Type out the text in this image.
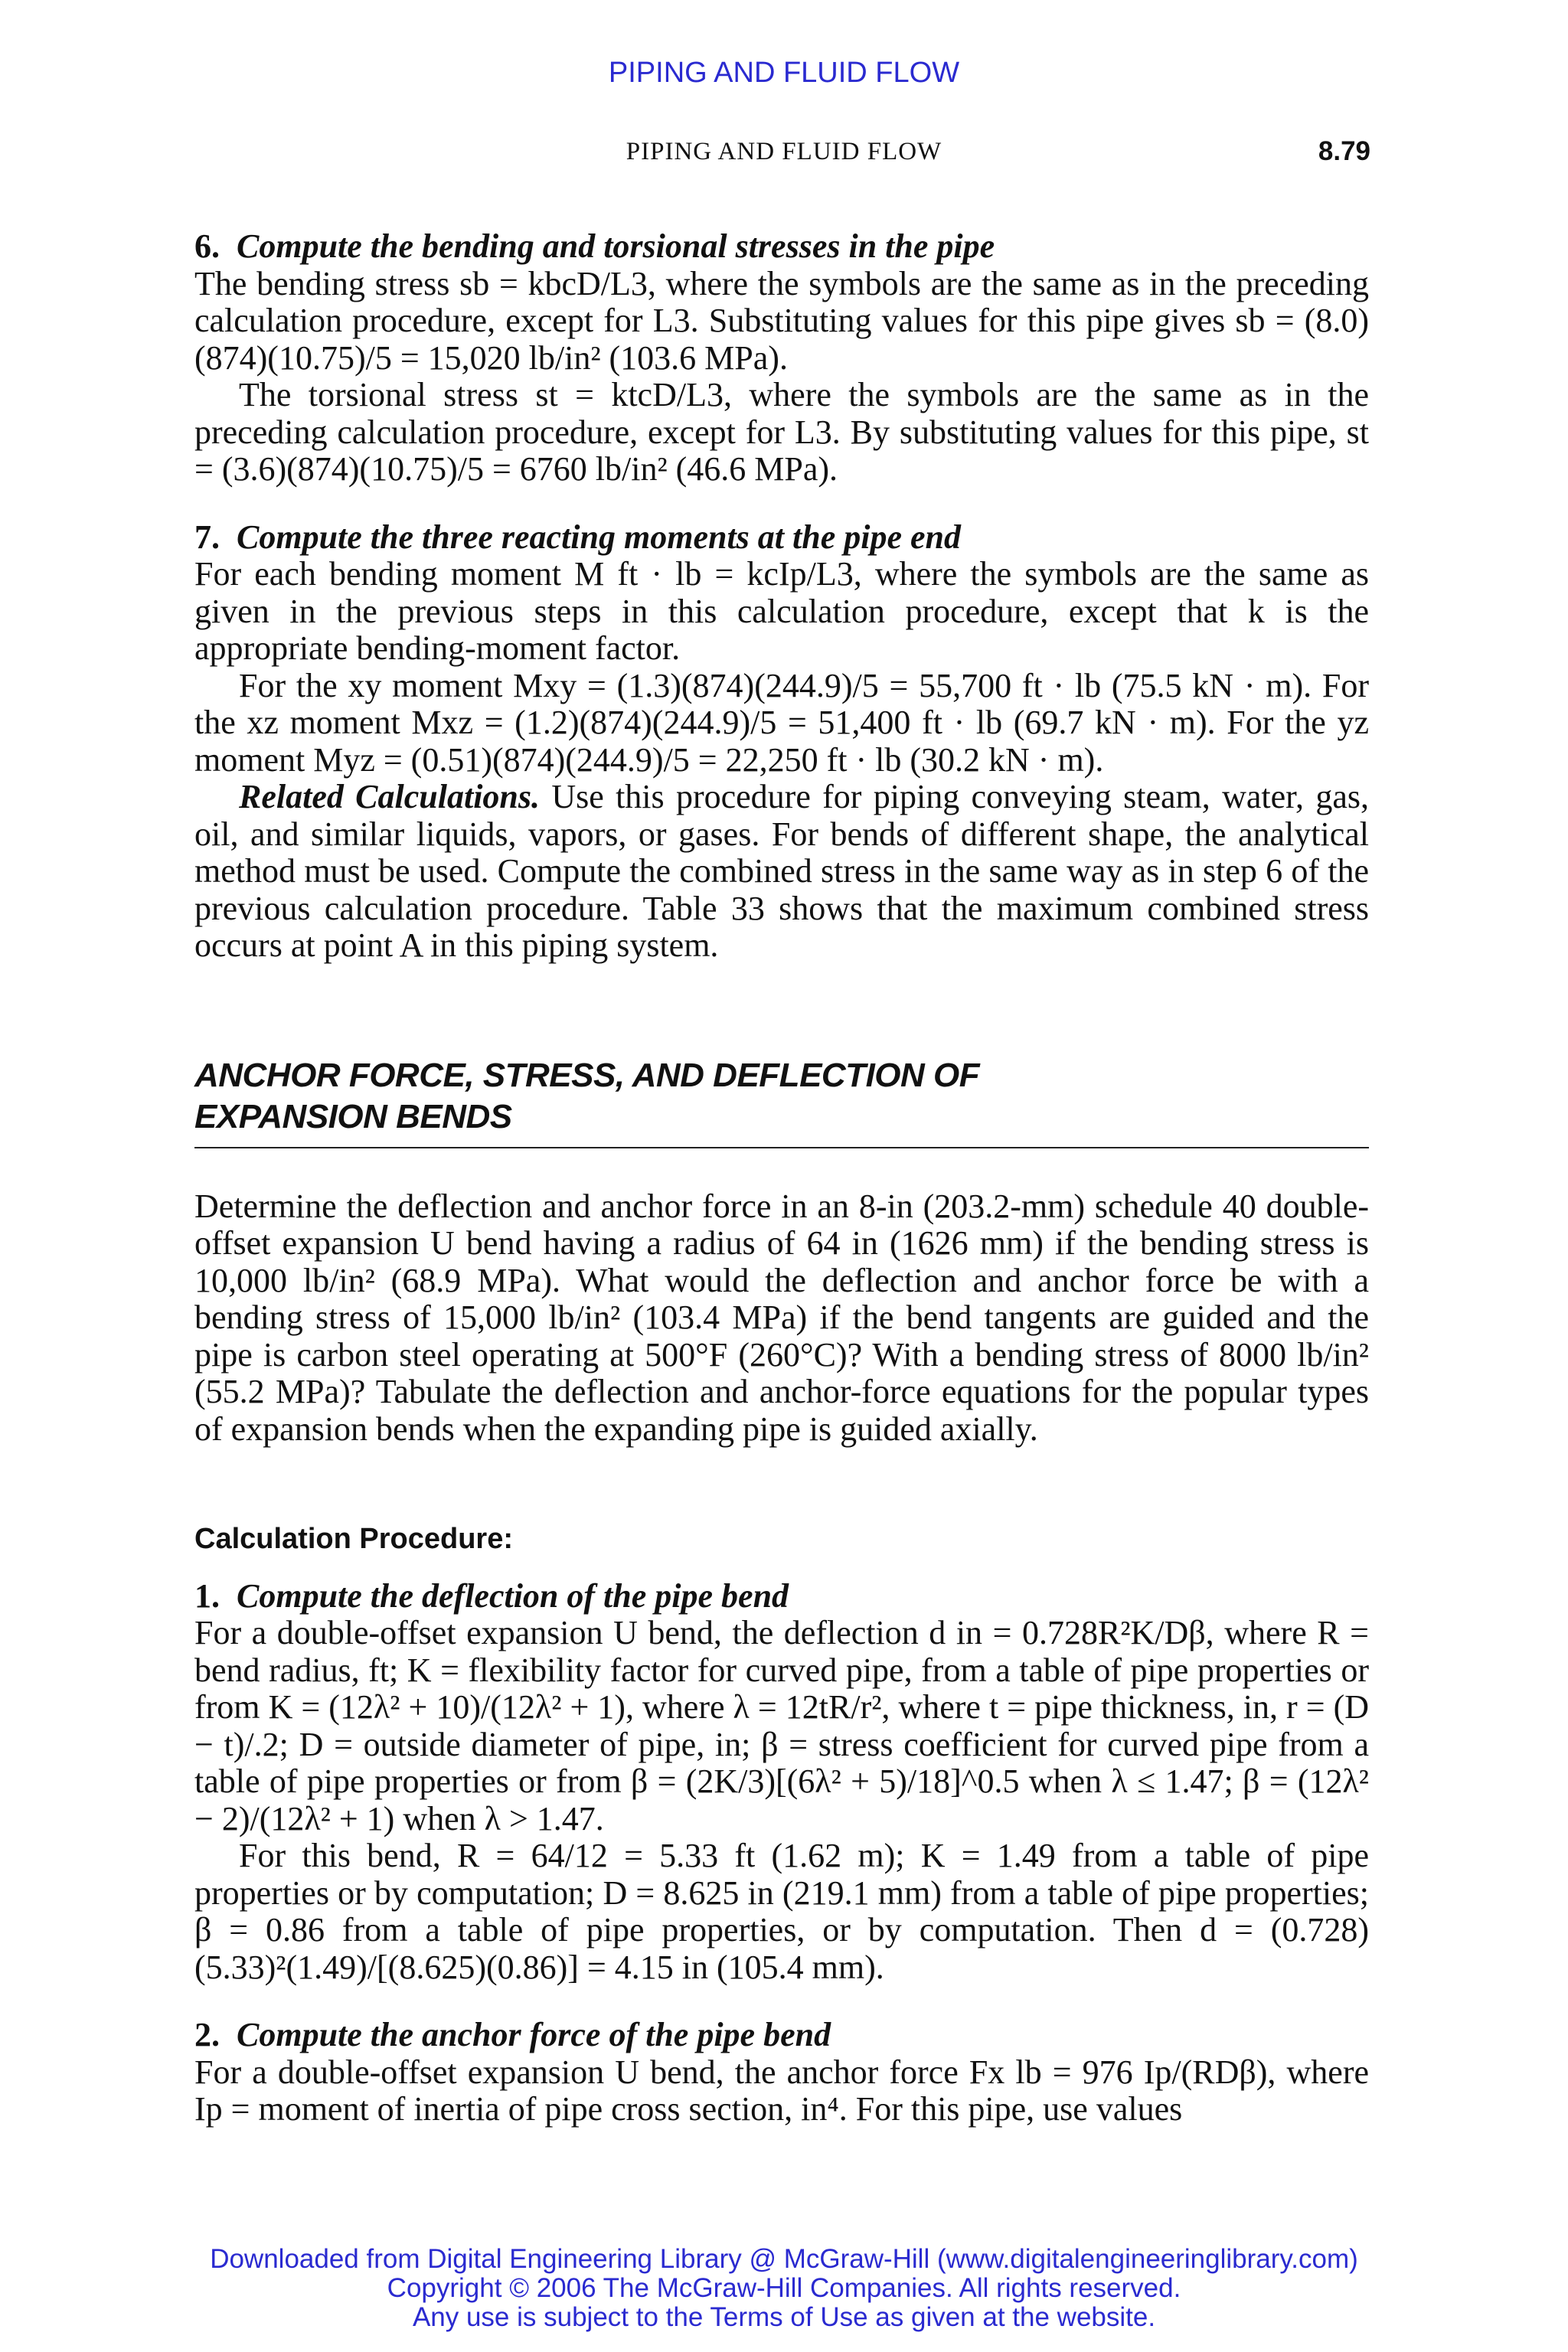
PIPING AND FLUID FLOW
PIPING AND FLUID FLOW	8.79

6. Compute the bending and torsional stresses in the pipe

The bending stress sb = kbcD/L3, where the symbols are the same as in the preceding calculation procedure, except for L3. Substituting values for this pipe gives sb = (8.0)(874)(10.75)/5 = 15,020 lb/in² (103.6 MPa).

The torsional stress st = ktcD/L3, where the symbols are the same as in the preceding calculation procedure, except for L3. By substituting values for this pipe, st = (3.6)(874)(10.75)/5 = 6760 lb/in² (46.6 MPa).

7. Compute the three reacting moments at the pipe end

For each bending moment M ft · lb = kcIp/L3, where the symbols are the same as given in the previous steps in this calculation procedure, except that k is the appropriate bending-moment factor.

For the xy moment Mxy = (1.3)(874)(244.9)/5 = 55,700 ft · lb (75.5 kN · m). For the xz moment Mxz = (1.2)(874)(244.9)/5 = 51,400 ft · lb (69.7 kN · m). For the yz moment Myz = (0.51)(874)(244.9)/5 = 22,250 ft · lb (30.2 kN · m).

Related Calculations. Use this procedure for piping conveying steam, water, gas, oil, and similar liquids, vapors, or gases. For bends of different shape, the analytical method must be used. Compute the combined stress in the same way as in step 6 of the previous calculation procedure. Table 33 shows that the maximum combined stress occurs at point A in this piping system.

ANCHOR FORCE, STRESS, AND DEFLECTION OF
EXPANSION BENDS

Determine the deflection and anchor force in an 8-in (203.2-mm) schedule 40 double-offset expansion U bend having a radius of 64 in (1626 mm) if the bending stress is 10,000 lb/in² (68.9 MPa). What would the deflection and anchor force be with a bending stress of 15,000 lb/in² (103.4 MPa) if the bend tangents are guided and the pipe is carbon steel operating at 500°F (260°C)? With a bending stress of 8000 lb/in² (55.2 MPa)? Tabulate the deflection and anchor-force equations for the popular types of expansion bends when the expanding pipe is guided axially.

Calculation Procedure:

1. Compute the deflection of the pipe bend

For a double-offset expansion U bend, the deflection d in = 0.728R²K/Dβ, where R = bend radius, ft; K = flexibility factor for curved pipe, from a table of pipe properties or from K = (12λ² + 10)/(12λ² + 1), where λ = 12tR/r², where t = pipe thickness, in, r = (D − t)/.2; D = outside diameter of pipe, in; β = stress coefficient for curved pipe from a table of pipe properties or from β = (2K/3)[(6λ² + 5)/18]^0.5 when λ ≤ 1.47; β = (12λ² − 2)/(12λ² + 1) when λ > 1.47.

For this bend, R = 64/12 = 5.33 ft (1.62 m); K = 1.49 from a table of pipe properties or by computation; D = 8.625 in (219.1 mm) from a table of pipe properties; β = 0.86 from a table of pipe properties, or by computation. Then d = (0.728)(5.33)²(1.49)/[(8.625)(0.86)] = 4.15 in (105.4 mm).

2. Compute the anchor force of the pipe bend

For a double-offset expansion U bend, the anchor force Fx lb = 976 Ip/(RDβ), where Ip = moment of inertia of pipe cross section, in⁴. For this pipe, use values

Downloaded from Digital Engineering Library @ McGraw-Hill (www.digitalengineeringlibrary.com)
Copyright © 2006 The McGraw-Hill Companies. All rights reserved.
Any use is subject to the Terms of Use as given at the website.
